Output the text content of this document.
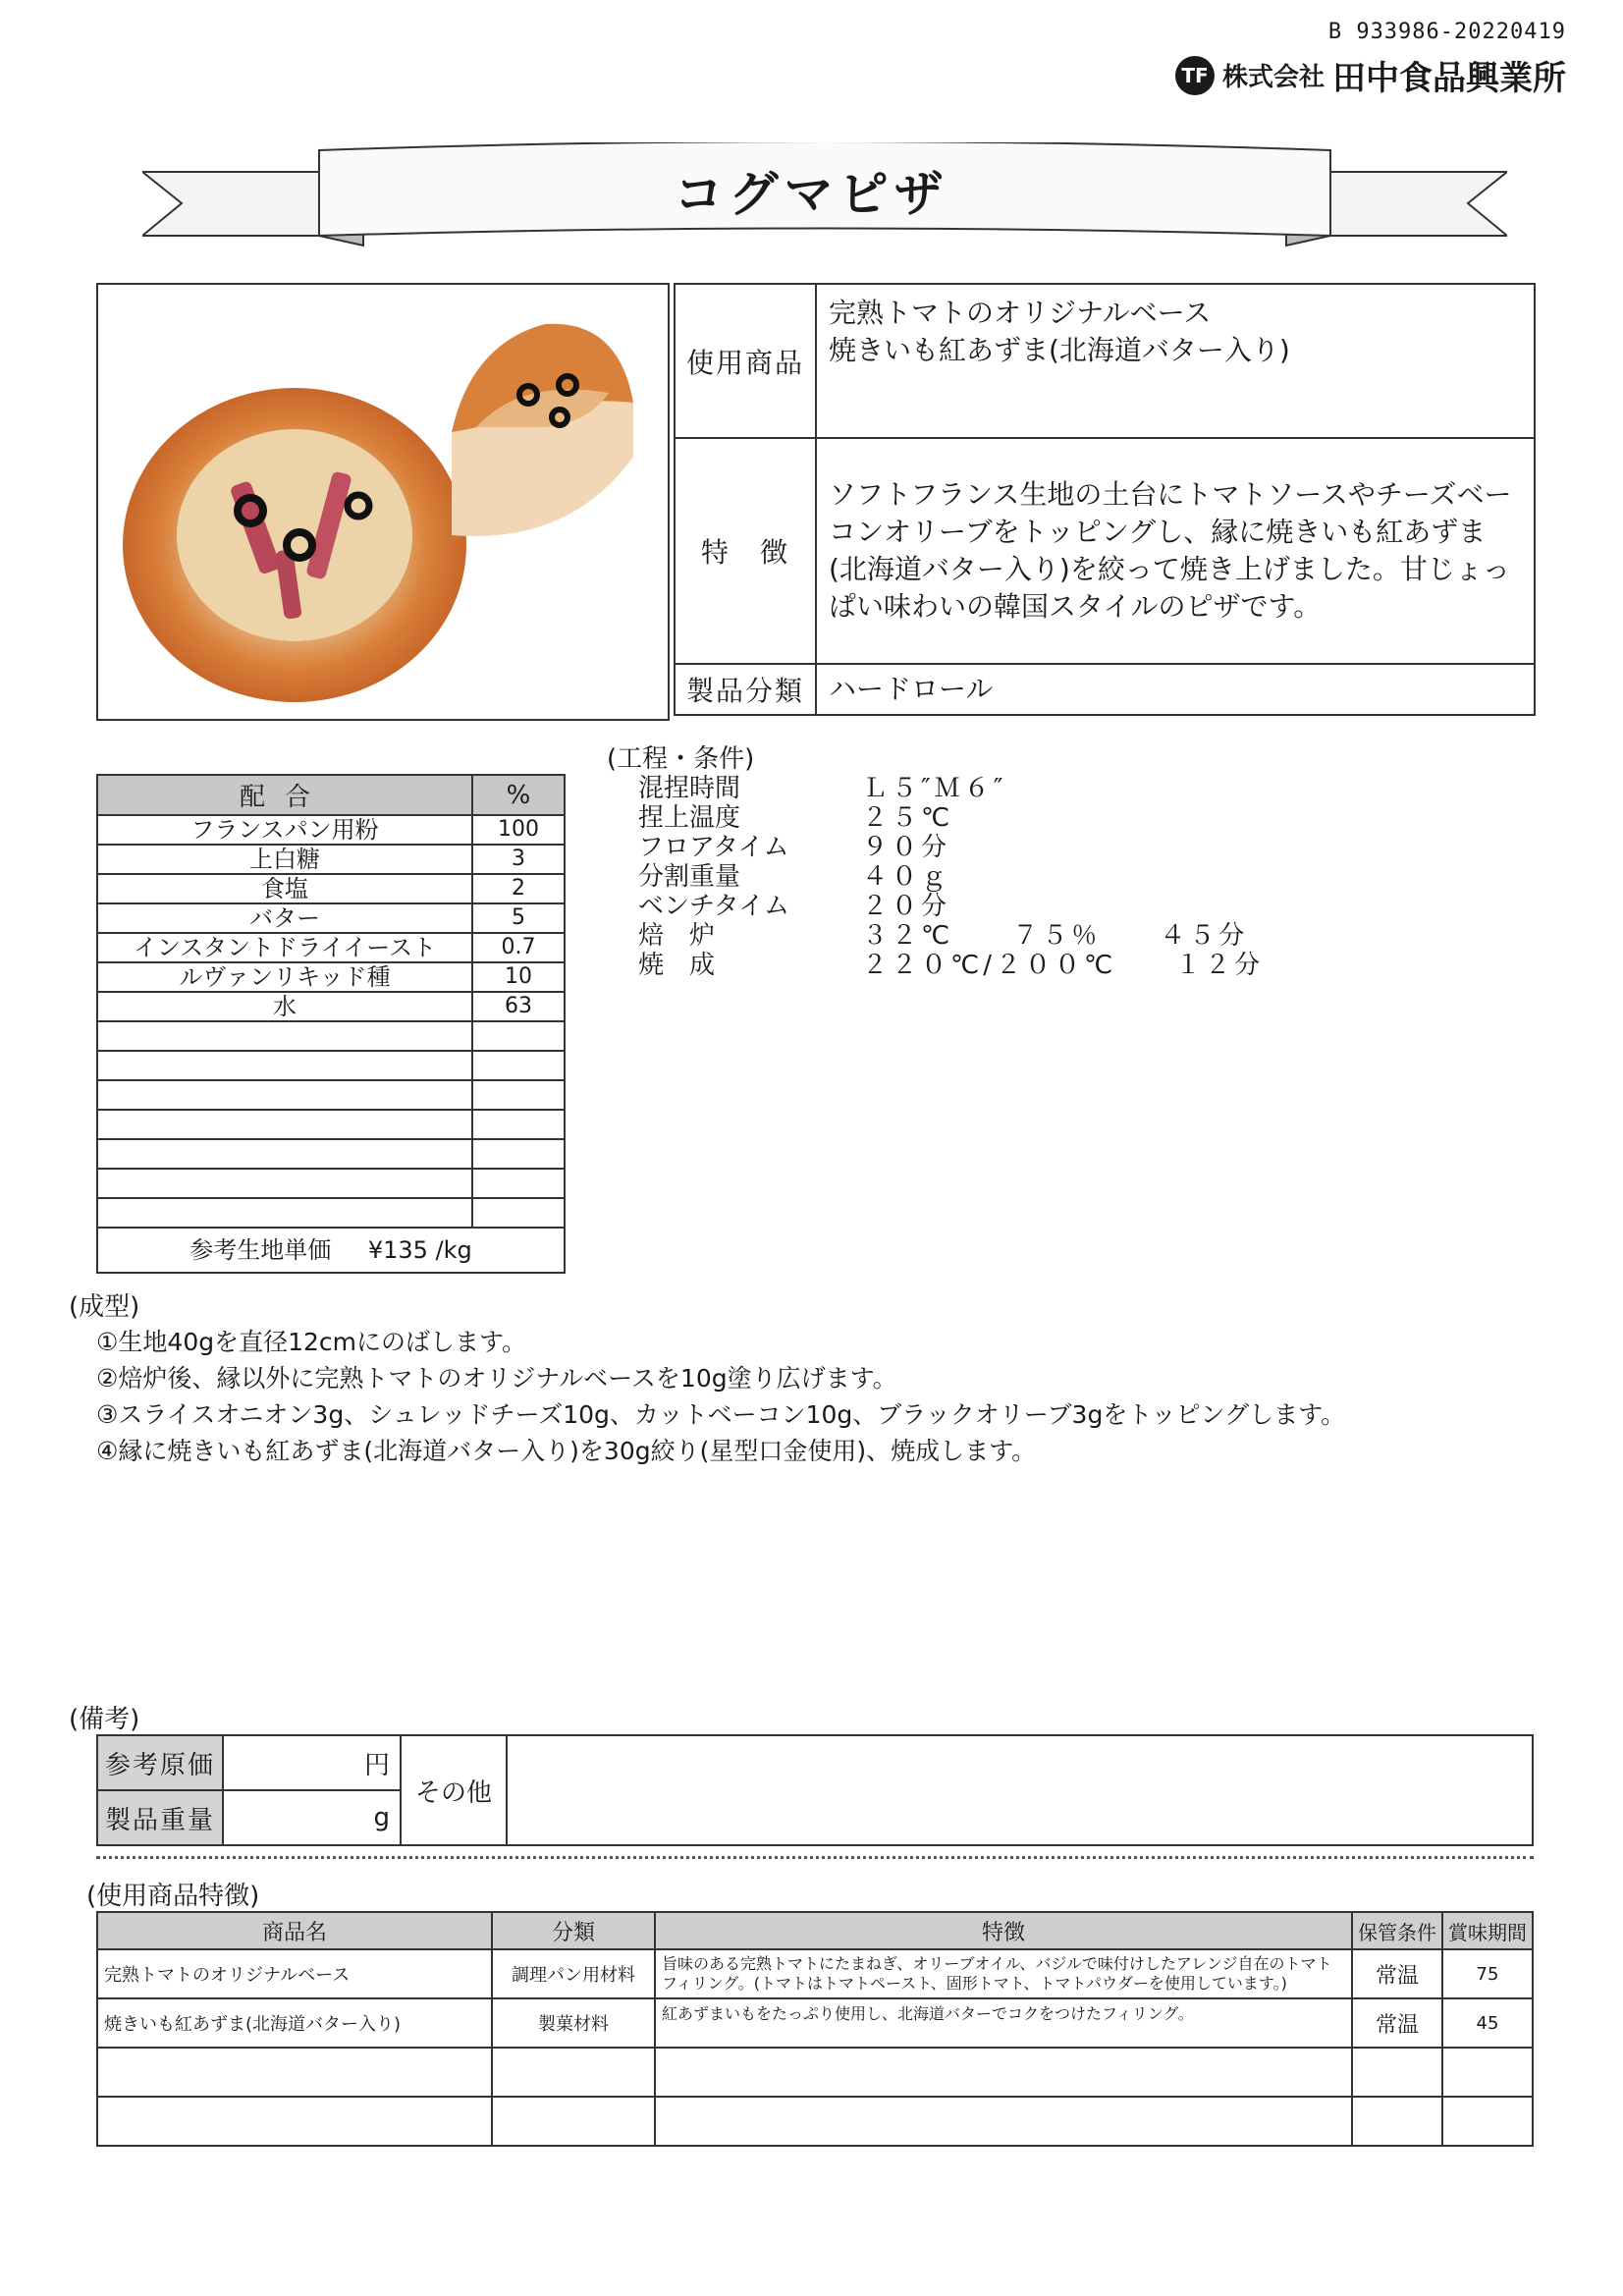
B 933986-20220419
TF 株式会社 田中食品興業所
コグマピザ
使用商品	完熟トマトのオリジナルベース
焼きいも紅あずま(北海道バター入り)

特　徴	ソフトフランス生地の土台にトマトソースやチーズベーコンオリーブをトッピングし、縁に焼きいも紅あずま(北海道バター入り)を絞って焼き上げました。甘じょっぱい味わいの韓国スタイルのピザです。
製品分類	ハードロール
配合	%
フランスパン用粉	100
上白糖	3
食塩	2
バター	5
インスタントドライイースト	0.7
ルヴァンリキッド種	10
水	63

参考生地単価 ¥135 /kg	
(工程・条件)
混捏時間	Ｌ５″Ｍ６″
捏上温度	２５℃
フロアタイム	９０分
分割重量	４０ｇ
ベンチタイム	２０分
焙　炉	３２℃　　７５％　　４５分
焼　成	２２０℃/２００℃　　１２分
(成型)
①生地40gを直径12cmにのばします。
②焙炉後、縁以外に完熟トマトのオリジナルベースを10g塗り広げます。
③スライスオニオン3g、シュレッドチーズ10g、カットベーコン10g、ブラックオリーブ3gをトッピングします。
④縁に焼きいも紅あずま(北海道バター入り)を30g絞り(星型口金使用)、焼成します。
(備考)
参考原価	円	その他	
製品重量	g		
(使用商品特徴)
商品名	分類	特徴	保管条件	賞味期間
完熟トマトのオリジナルベース	調理パン用材料	旨味のある完熟トマトにたまねぎ、オリーブオイル、バジルで味付けしたアレンジ自在のトマトフィリング。(トマトはトマトペースト、固形トマト、トマトパウダーを使用しています。)	常温	75
焼きいも紅あずま(北海道バター入り)	製菓材料	紅あずまいもをたっぷり使用し、北海道バターでコクをつけたフィリング。	常温	45
